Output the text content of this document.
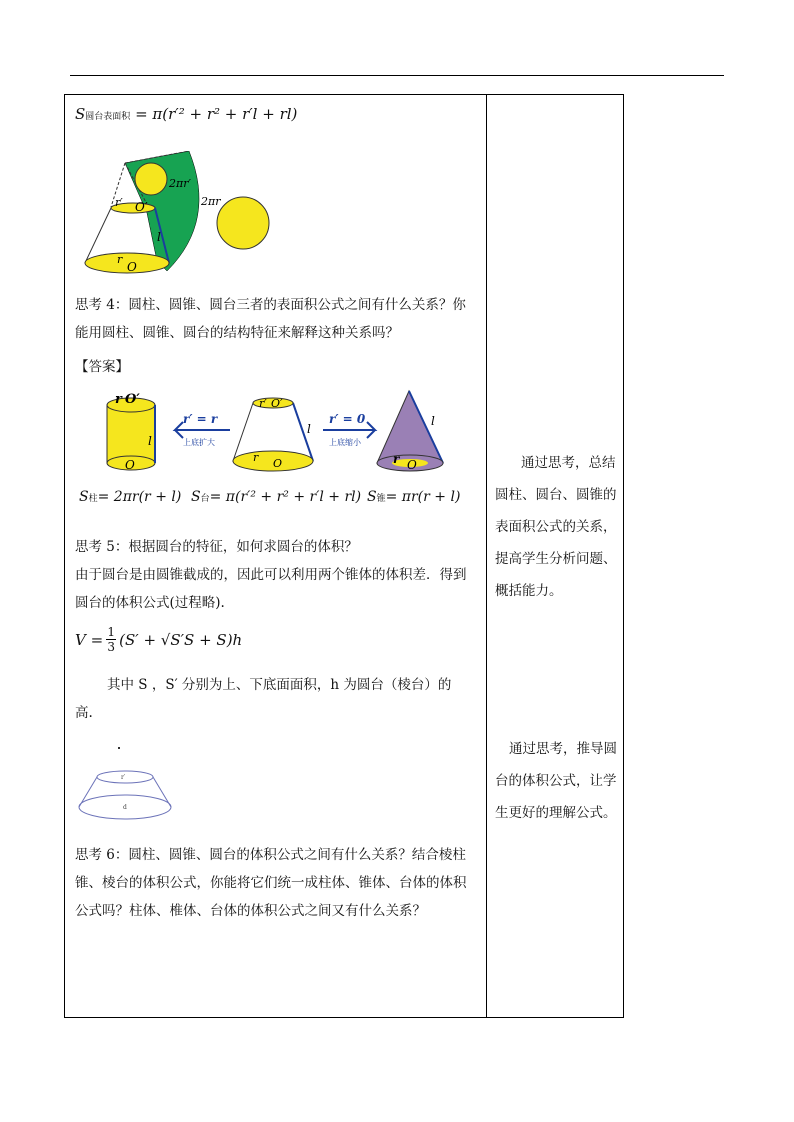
S圆台表面积 = π(r′² + r² + r′l + rl)
r′ O′
2πr′
2πr
l
r
O
思考 4：圆柱、圆锥、圆台三者的表面积公式之间有什么关系？你
能用圆柱、圆锥、圆台的结构特征来解释这种关系吗？
【答案】
r O′
l
O
r′ = r
上底扩大
r′ O′
l
r O
r′ = 0
上底缩小
l
r O
S柱= 2πr(r + l) S台= π(r′² + r² + r′l + rl) S锥= πr(r + l)
思考 5：根据圆台的特征，如何求圆台的体积？
由于圆台是由圆锥截成的，因此可以利用两个锥体的体积差．得到
圆台的体积公式(过程略).
V = 1
3 (S′ + √S′S + S)h
其中 S ，S′ 分别为上、下底面面积，h 为圆台（棱台）的
高.
r′
d
思考 6：圆柱、圆锥、圆台的体积公式之间有什么关系？结合棱柱
锥、棱台的体积公式，你能将它们统一成柱体、锥体、台体的体积
公式吗？柱体、椎体、台体的体积公式之间又有什么关系？
通过思考，总结
圆柱、圆台、圆锥的
表面积公式的关系，
提高学生分析问题、
概括能力。
通过思考，推导圆
台的体积公式，让学
生更好的理解公式。
